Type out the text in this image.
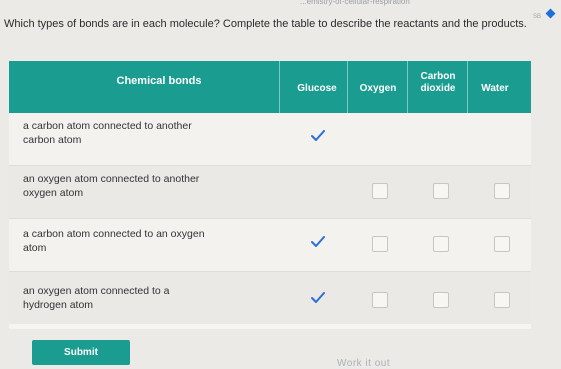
...emistry-of-cellular-respiration
SB
Which types of bonds are in each molecule? Complete the table to describe the reactants and the products.
Chemical bonds
Glucose	Oxygen
Carbon
dioxide	Water
a carbon atom connected to another
carbon atom
an oxygen atom connected to another
oxygen atom
a carbon atom connected to an oxygen
atom
an oxygen atom connected to a
hydrogen atom
Submit
Work it out
